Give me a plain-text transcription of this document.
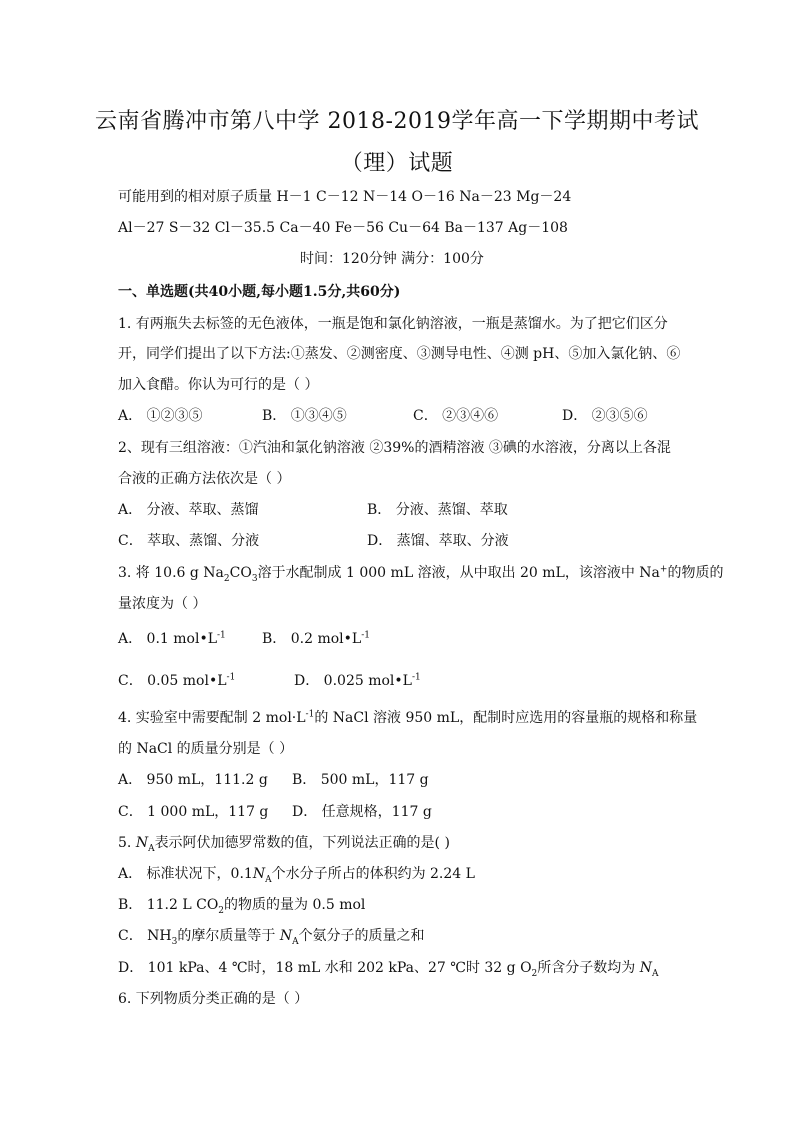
云南省腾冲市第八中学 2018-2019学年高一下学期期中考试
（理）试题
可能用到的相对原子质量 H－1 C－12 N－14 O－16 Na－23 Mg－24
Al－27 S－32 Cl－35.5 Ca－40 Fe－56 Cu－64 Ba－137 Ag－108
时间：120分钟 满分：100分
一、单选题(共40小题,每小题1.5分,共60分)
1. 有两瓶失去标签的无色液体，一瓶是饱和氯化钠溶液，一瓶是蒸馏水。为了把它们区分
开，同学们提出了以下方法:①蒸发、②测密度、③测导电性、④测 pH、⑤加入氯化钠、⑥
加入食醋。你认为可行的是（ ）
A． ①②③⑤	B． ①③④⑤	C． ②③④⑥	D． ②③⑤⑥
2、现有三组溶液：①汽油和氯化钠溶液 ②39%的酒精溶液 ③碘的水溶液，分离以上各混
合液的正确方法依次是（ ）
A． 分液、萃取、蒸馏	B． 分液、蒸馏、萃取
C． 萃取、蒸馏、分液	D． 蒸馏、萃取、分液
3. 将 10.6 g $Na_2CO_3$溶于水配制成 1 000 mL 溶液，从中取出 20 mL，该溶液中 Na+的物质的
量浓度为（ ）
A． 0.1 $mol•L^{-1}$	B． 0.2 $mol•L^{-1}$
C． 0.05 $mol•L^{-1}$	D． 0.025 $mol•L^{-1}$
4. 实验室中需要配制 2 $mol\cdot L^{-1}$的 NaCl 溶液 950 mL，配制时应选用的容量瓶的规格和称量
的 NaCl 的质量分别是（ ）
A． 950 mL，111.2 g B． 500 mL，117 g
C． 1 000 mL，117 g D． 任意规格，117 g
5. $N_A$表示阿伏加德罗常数的值，下列说法正确的是( )
A． 标准状况下，$0.1N_A$个水分子所占的体积约为 2.24 L
B． 11.2 L $CO_2$的物质的量为 0.5 mol
C． $NH_3$的摩尔质量等于 $N_A$个氨分子的质量之和
D． 101 kPa、4 ℃时，18 mL 水和 202 kPa、27 ℃时 32 g $O_2$所含分子数均为 $N_A$
6. 下列物质分类正确的是（ ）
